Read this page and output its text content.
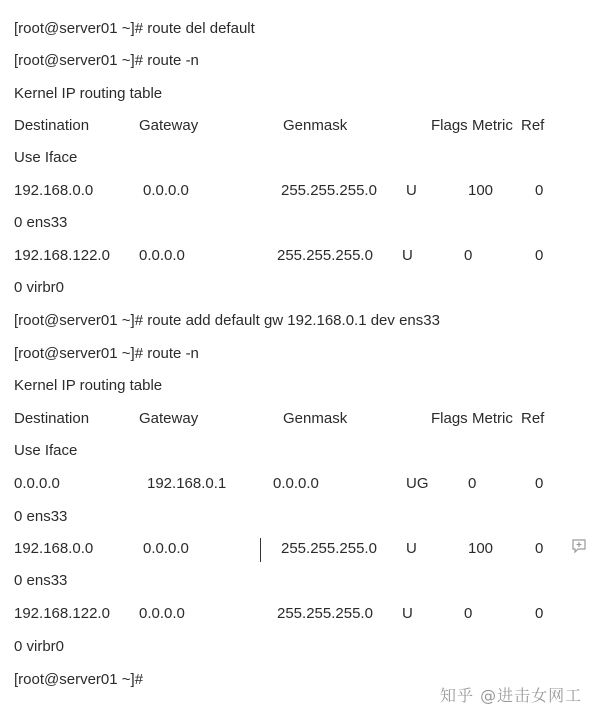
[root@server01 ~]# route del default
[root@server01 ~]# route -n
Kernel IP routing table
Destination	Gateway	Genmask	Flags Metric Ref
Use Iface
192.168.0.0	0.0.0.0	255.255.255.0 U	100	0
0 ens33
192.168.122.0 0.0.0.0	255.255.255.0 U	0	0
0 virbr0
[root@server01 ~]# route add default gw 192.168.0.1 dev ens33
[root@server01 ~]# route -n
Kernel IP routing table
Destination	Gateway	Genmask	Flags Metric Ref
Use Iface
0.0.0.0	192.168.0.1	0.0.0.0	UG	0	0
0 ens33
192.168.0.0	0.0.0.0	255.255.255.0 U	100	0
0 ens33
192.168.122.0 0.0.0.0	255.255.255.0 U	0	0
0 virbr0
[root@server01 ~]#
知乎 @进击女网工
